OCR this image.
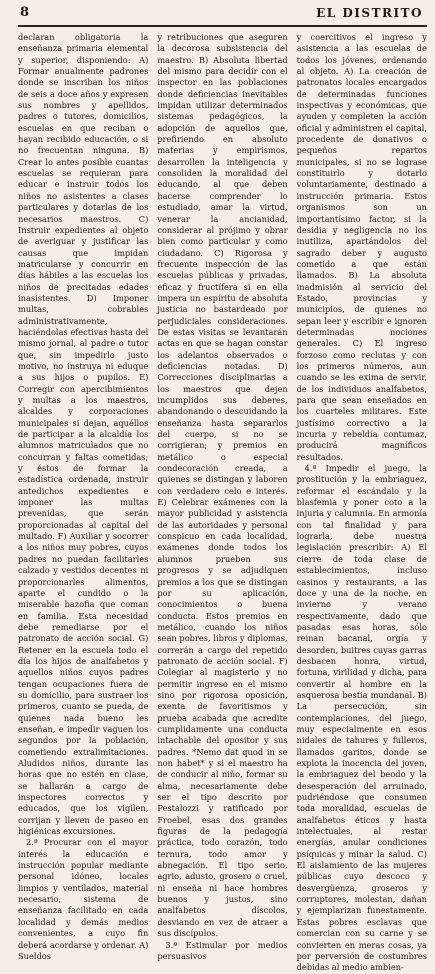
8	EL DISTRITO

declaran obligatoria la enseñanza primaria elemental y superior, disponiendo: A) Formar anualmente padrones donde se inscriban los niños de seis a doce años y expresen sus nombres y apellidos, padres o tutores, domicilios, escuelas en que reciban o hayan recibido educación, o si no frecuentan ninguna. B) Crear lo antes posible cuantas escuelas se requieran para educar e instruir todos los niños no asistentes a clases particulares y dotarlas de los necesarios maestros. C) Instruir expedientes al objeto de averiguar y justificar las causas que impidan matricularse y concurrir en días hábiles a las escuelas los niños de precitadas edades inasistentes. D) Imponer multas, cobrables administrativamente, haciéndolas efectivas hasta del mismo jornal, al padre o tutor que, sin impedirlo justo motivo, no instruya ni eduque a sus hijos o pupilos. E) Corregir con apercibimientos y multas a los maestros, alcaldes y corporaciones municipales si dejan, aquéllos de participar a la alcaldía los alumnos matriculados que no concurran y faltas cometidas; y éstos de formar la estadística ordenada, instruir antedichos expedientes e imponer las multas prevenidas, que serán proporcionadas al capital del multado. F) Auxiliar y socorrer a los niños muy pobres, cuyos padres no puedan facilitarles calzado y vestidos decentes ni proporcionarles alimentos, aparte el cundido o la miserable bazofia que coman en familia. Esta necesidad debe remediarse por el patronato de acción social. G) Retener en la escuela todo el día los hijos de analfabetos y aquellos niños cuyos padres tengan ocupaciones fuera de su domicilio, para sustraer los primeros, cuanto se pueda, de quienes nada bueno les enseñan, e impedir vaguen los segundos por la población, cometiendo extralimitaciones. Aludidos niños, durante las horas que no estén en clase, se hallarán a cargo de inspectores correctos y educados, que los vigilen, corrijan y lleven de paseo en higiénicas excursiones.

2.ª Procurar con el mayor interés la educación e instrucción popular mediante personal idóneo, locales limpios y ventilados, material necesario, sistema de enseñanza facilitado en cada localidad y demás medios convenientes, a cuyo fin deberá acordarse y ordenar. A) Sueldos

y retribuciones que aseguren la decorosa subsistencia del maestro. B) Absoluta libertad del mismo para decidir con el inspector en las poblaciones donde deficiencias inevitables impidan utilizar determinados sistemas pedagógicos, la adopción de aquellos que, prefiriendo en absoluto materias y empirismos, desarrollen la inteligencia y consoliden la moralidad del educando, al que deben hacerse comprender lo estudiado, amar la virtud, venerar la ancianidad, considerar al prójimo y obrar bien como particular y como ciudadano. C) Rigorosa y frecuente inspección de las escuelas públicas y privadas, eficaz y fructífera si en ella impera un espíritu de absoluta justicia no bastardeado por perjudiciales consideraciones. De estas visitas se levantarán actas en que se hagan constar los adelantos observados o deficiencias notadas. D) Correcciones disciplinarias a los maestros que dejen incumplidos sus deberes, abandonando o descuidando la enseñanza hasta separarlos del cuerpo, si no se corrigieran; y premios en metálico o especial condecoración creada, a quienes se distingan y laboren con verdadero celo e interés. E) Celebrar exámenes con la mayor publicidad y asistencia de las autoridades y personal conspicuo en cada localidad, exámenes donde todos los alumnos prueben sus progresos y se adjudiquen premios a los que se distingan por su aplicación, conocimientos o buena conducta. Estos premios en metálico, cuando los niños sean pobres, libros y diplomas, correrán a cargo del repetido patronato de acción social. F) Colegiar al magisterio y no permitir ingreso en el mismo sino por rigorosa oposición, exenta de favoritismos y prueba acabada que acredite cumplidamente una conducta intachable del opositor y sus padres. *Nemo dat quod in se non habet* y si el maestro ha de conducir al niño, formar su alma, necesariamente debe ser el tipo descrito por Pestalozzi y ratificado por Froebel, esas dos grandes figuras de la pedagogía práctica, todo corazón, todo ternura, todo amor y abnegación. El tipo serio, agrio, adusto, grosero o cruel, ni enseña ni hace hombres buenos y justos, sino analfabetos díscolos, desviando en vez de atraer a sus discípulos.

3.ª Estimular por medios persuasivos

y coercitivos el ingreso y asistencia a las escuelas de todos los jóvenes, ordenando al objeto. A) La creación de patronatos locales encargados de determinadas funciones inspectivas y económicas, que ayuden y completen la acción oficial y administren el capital, procedente de donativos o pequeños repartos municipales, si no se lograse constituirlo y dotarlo voluntariamente, destinado a instrucción primaria. Estos organismos son un importantísimo factor, si la desidia y negligencia no los inutiliza, apartándolos del sagrado deber y augusto cometido a que están llamados. B) La absoluta inadmisión al servicio del Estado, provincias y municipios, de quienes no sepan leer y escribir e ignoren determinadas nociones generales. C) El ingreso forzoso como reclutas y con los primeros números, aun cuando se les exima de servir, de los individuos analfabetos, para que sean enseñados en los cuarteles militares. Este justísimo correctivo a la incuria y rebeldía contumaz, producirá magníficos resultados.

4.ª Impedir el juego, la prostitución y la embriaguez, reformar el escándalo y la blasfemia y poner coto a la injuria y calumnia. En armonía con tal finalidad y para lograrla, debe nuestra legislación prescribir: A) El cierre de toda clase de establecimientos, incluso casinos y restaurants, a las doce y una de la noche, en invierno y verano respectivamente, dado que pasadas esas horas, sólo reinan bacanal, orgía y desorden, buitres cuyas garras desbacen honra, virtud, fortuna, virilidad y dicha, para convertir al hombre en la asquerosa bestia mundanal. B) La persecución, sin contemplaciones, del juego, muy especialmente en esos nidales de tahures y fulleros, llamados garitos, donde se explota la inocencia del joven, la embriaguez del beodo y la desesperación del arruinado, pudriéndose que consumen toda moralidad, escuelas de analfabetos éticos y hasta intelectuales, al restar energías, anular condiciones psíquicas y minar la salud. C) El aislamiento de las mujeres públicas cuyo descoco y desvergüenza, groseros y corruptores, molestan, dañan y ejemplarizan funestamente. Estas pobres esclavas que comercian con su carne y se convierten en meras cosas, ya por perversión de costumbres debidas al medio ambien-
